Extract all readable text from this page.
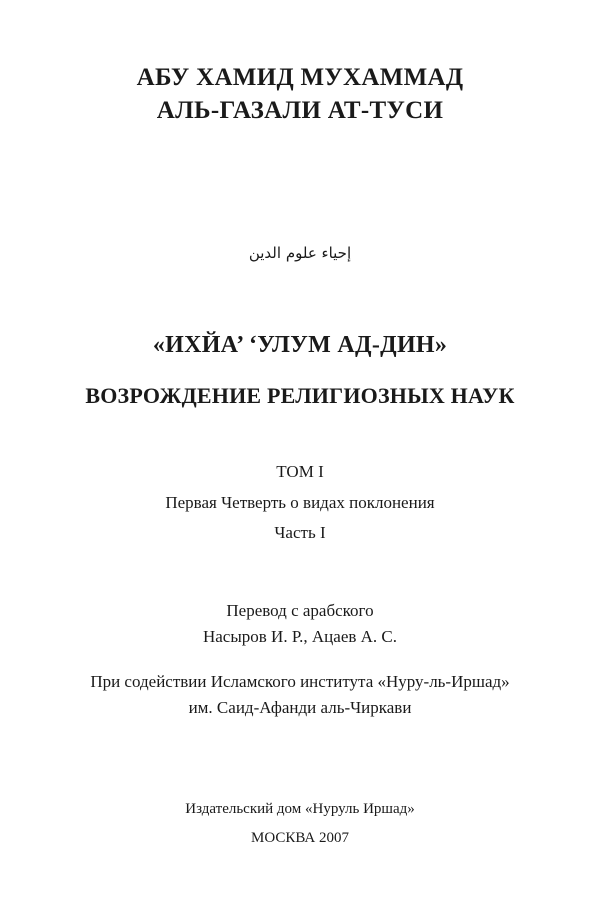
АБУ ХАМИД МУХАММАД
АЛЬ-ГАЗАЛИ АТ-ТУСИ
إحياء علوم الدين
«ИХЙА’ ‘УЛУМ АД-ДИН»
ВОЗРОЖДЕНИЕ РЕЛИГИОЗНЫХ НАУК
ТОМ I
Первая Четверть о видах поклонения
Часть I
Перевод с арабского
Насыров И. Р., Ацаев А. С.
При содействии Исламского института «Нуру-ль-Иршад»
им. Саид-Афанди аль-Чиркави
Издательский дом «Нуруль Иршад»
МОСКВА 2007
